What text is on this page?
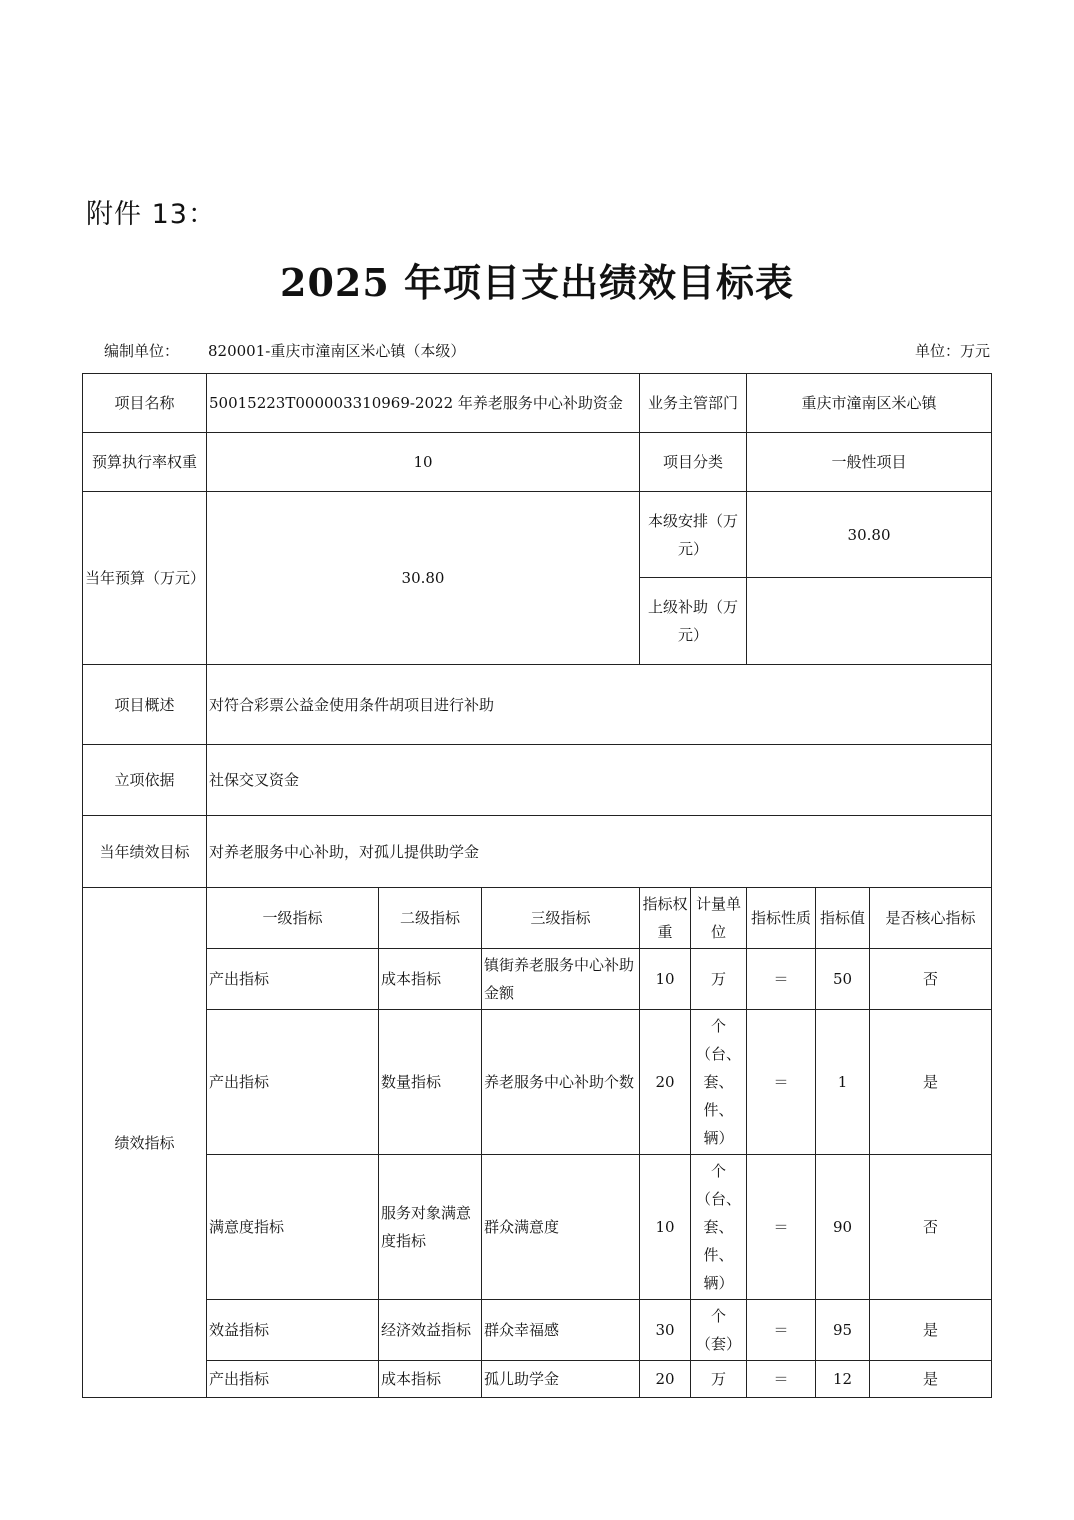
附件 13：
2025 年项目支出绩效目标表
编制单位： 820001-重庆市潼南区米心镇（本级）	单位：万元
项目名称	50015223T000003310969-2022 年养老服务中心补助资金			业务主管部门		重庆市潼南区米心镇		
预算执行率权重	10			项目分类		一般性项目		
当年预算（万元）	30.80			本级安排（万元）		30.80		
				上级补助（万元）				
项目概述	对符合彩票公益金使用条件胡项目进行补助							
立项依据	社保交叉资金							
当年绩效目标	对养老服务中心补助，对孤儿提供助学金							
绩效指标	一级指标	二级指标	三级指标	指标权重	计量单位	指标性质	指标值	是否核心指标
	产出指标	成本指标	镇街养老服务中心补助金额	10	万	＝	50	否
	产出指标	数量指标	养老服务中心补助个数	20	个（台、套、件、辆）	＝	1	是
	满意度指标	服务对象满意度指标	群众满意度	10	个（台、套、件、辆）	＝	90	否
	效益指标	经济效益指标	群众幸福感	30	个（套）	＝	95	是
	产出指标	成本指标	孤儿助学金	20	万	＝	12	是
